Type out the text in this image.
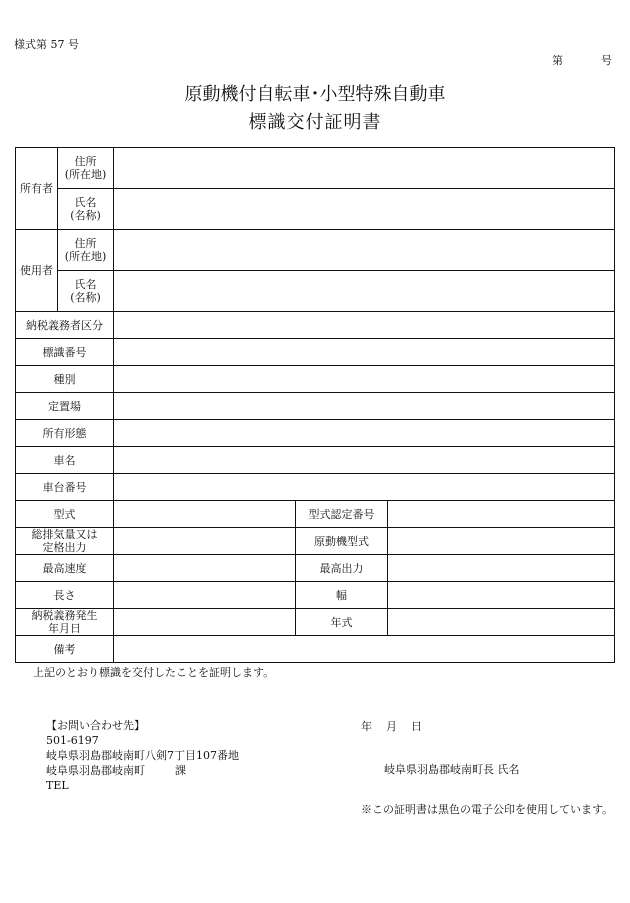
様式第 57 号
第	号
原動機付自転車･小型特殊自動車
標識交付証明書
所有者	住所
(所在地)			
	氏名
(名称)			
使用者	住所
(所在地)			
	氏名
(名称)			
納税義務者区分				
標識番号				
種別				
定置場				
所有形態				
車名				
車台番号				
型式			型式認定番号	
総排気量又は
定格出力			原動機型式	
最高速度			最高出力	
長さ			幅	
納税義務発生
年月日			年式	
備考				
上記のとおり標識を交付したことを証明します。
【お問い合わせ先】
501-6197
岐阜県羽島郡岐南町八剣7丁目107番地
岐阜県羽島郡岐南町	課
TEL
年 月 日
岐阜県羽島郡岐南町長 氏名
※この証明書は黒色の電子公印を使用しています。
